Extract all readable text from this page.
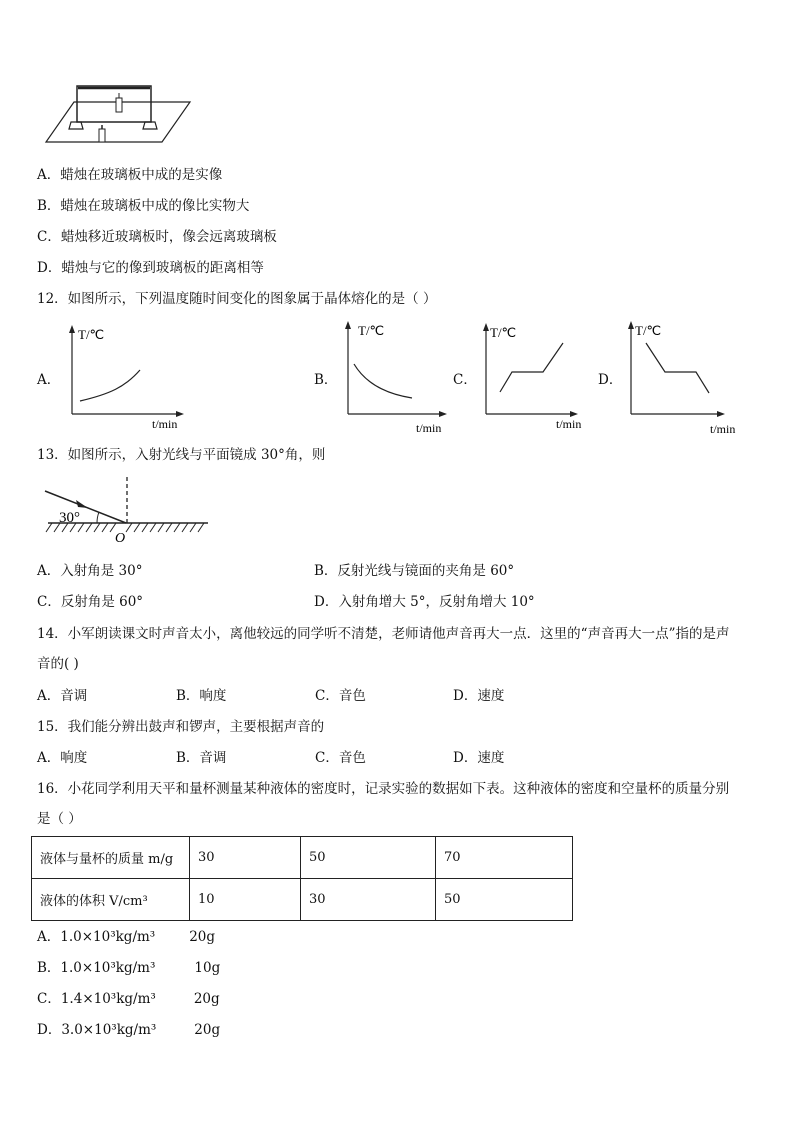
A．蜡烛在玻璃板中成的是实像
B．蜡烛在玻璃板中成的像比实物大
C．蜡烛移近玻璃板时，像会远离玻璃板
D．蜡烛与它的像到玻璃板的距离相等
12．如图所示，下列温度随时间变化的图象属于晶体熔化的是（ ）
A．
T/℃
t/min
B．
T/℃
t/min
C．
T/℃
t/min
D．
T/℃
t/min
13．如图所示，入射光线与平面镜成 30°角，则
30°
O
A．入射角是 30°	B．反射光线与镜面的夹角是 60°
C．反射角是 60°	D．入射角增大 5°，反射角增大 10°
14．小军朗读课文时声音太小，离他较远的同学听不清楚，老师请他声音再大一点．这里的“声音再大一点”指的是声
音的( )
A．音调	B．响度	C．音色	D．速度
15．我们能分辨出鼓声和锣声，主要根据声音的
A．响度	B．音调	C．音色	D．速度
16．小花同学利用天平和量杯测量某种液体的密度时，记录实验的数据如下表。这种液体的密度和空量杯的质量分别
是（ ）
液体与量杯的质量 m/g	30	50	70
液体的体积 V/cm³	10	30	50
A．1.0×10³kg/m³	20g
B．1.0×10³kg/m³	10g
C．1.4×10³kg/m³	20g
D．3.0×10³kg/m³	20g
